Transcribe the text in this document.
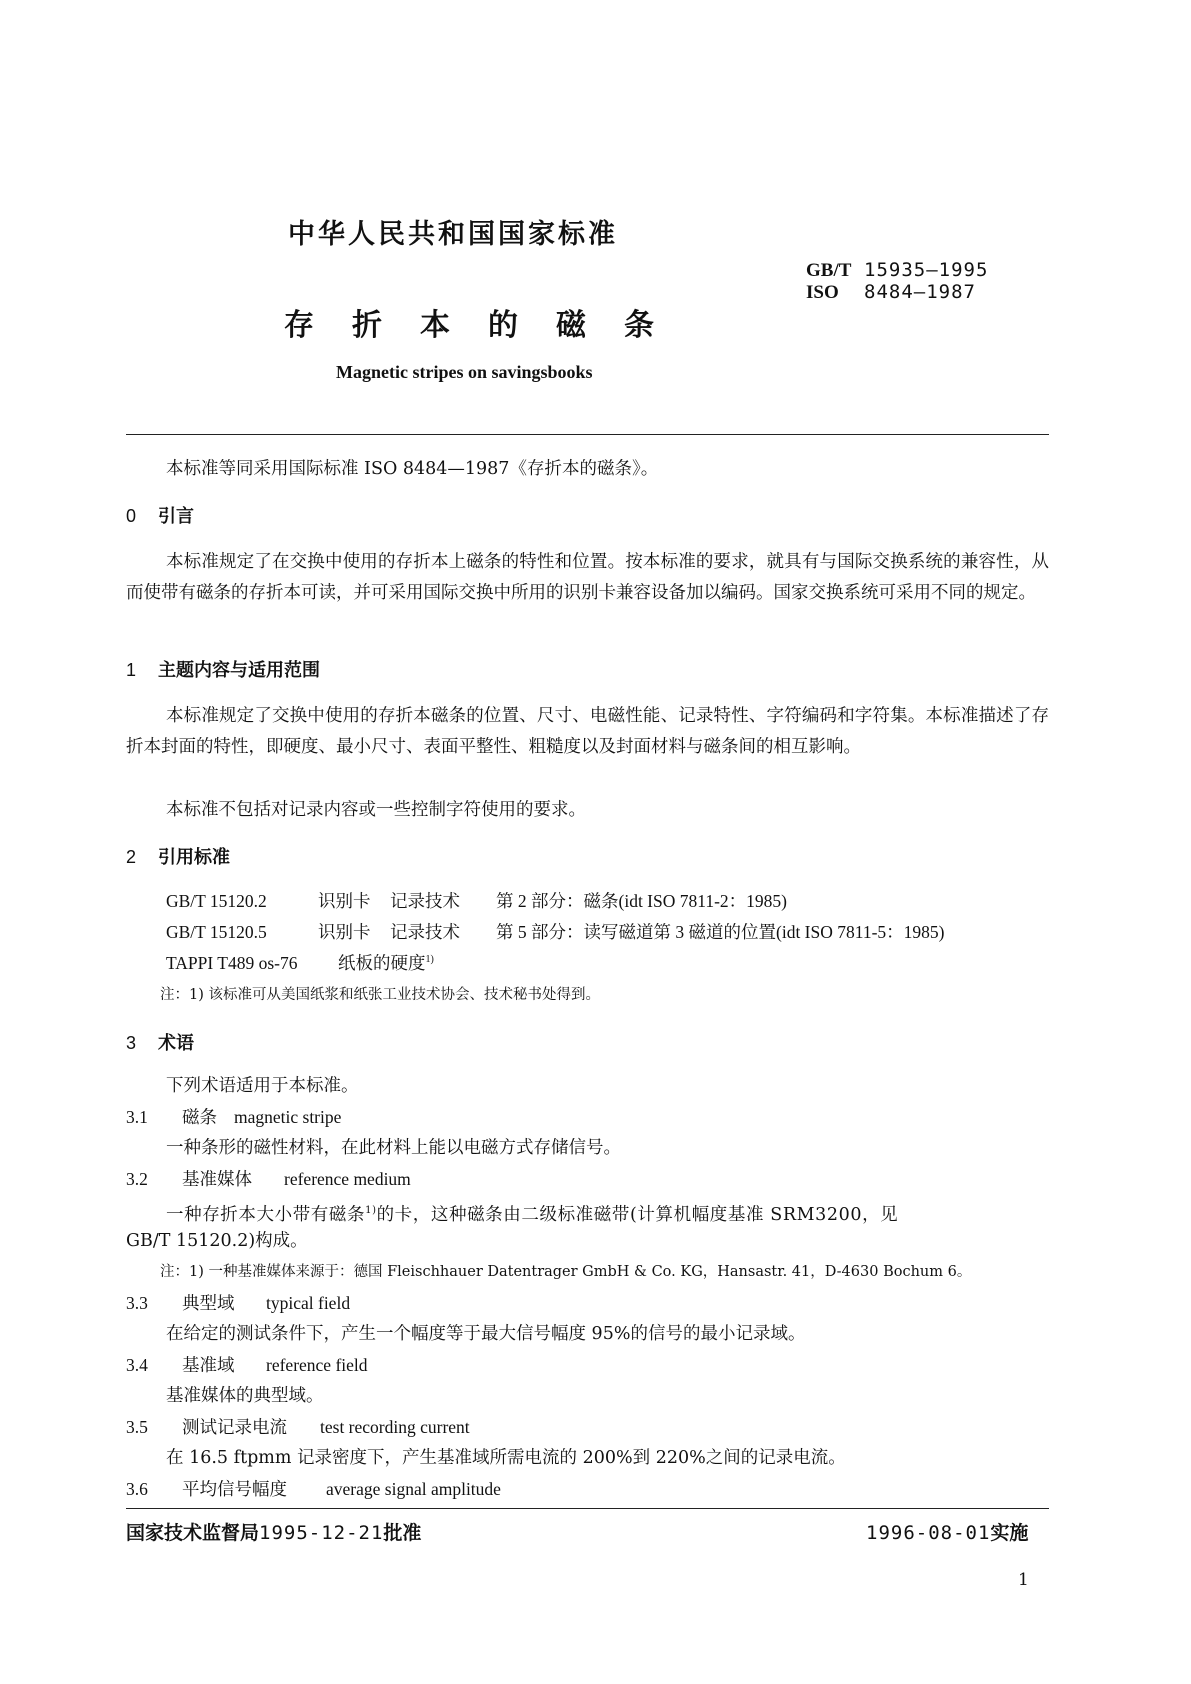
中华人民共和国国家标准
存折本的磁条
Magnetic stripes on savingsbooks
GB/T 15935—1995
ISO 8484—1987
本标准等同采用国际标准 ISO 8484—1987《存折本的磁条》。
0 引言
本标准规定了在交换中使用的存折本上磁条的特性和位置。按本标准的要求，就具有与国际交换系统的兼容性，从而使带有磁条的存折本可读，并可采用国际交换中所用的识别卡兼容设备加以编码。国家交换系统可采用不同的规定。
1 主题内容与适用范围
本标准规定了交换中使用的存折本磁条的位置、尺寸、电磁性能、记录特性、字符编码和字符集。本标准描述了存折本封面的特性，即硬度、最小尺寸、表面平整性、粗糙度以及封面材料与磁条间的相互影响。
本标准不包括对记录内容或一些控制字符使用的要求。
2 引用标准
GB/T 15120.2	识别卡 记录技术 第 2 部分：磁条(idt ISO 7811-2：1985)
GB/T 15120.5	识别卡 记录技术 第 5 部分：读写磁道第 3 磁道的位置(idt ISO 7811-5：1985)
TAPPI T489 os-76 纸板的硬度$^{1)}$
注：1) 该标准可从美国纸浆和纸张工业技术协会、技术秘书处得到。
3 术语
下列术语适用于本标准。
3.1 磁条 magnetic stripe
一种条形的磁性材料，在此材料上能以电磁方式存储信号。
3.2 基准媒体 reference medium
一种存折本大小带有磁条$^{1)}$的卡，这种磁条由二级标准磁带(计算机幅度基准 SRM3200，见
GB/T 15120.2)构成。
注：1) 一种基准媒体来源于：德国 Fleischhauer Datentrager GmbH & Co. KG，Hansastr. 41，D-4630 Bochum 6。
3.3 典型域 typical field
在给定的测试条件下，产生一个幅度等于最大信号幅度 95%的信号的最小记录域。
3.4 基准域 reference field
基准媒体的典型域。
3.5 测试记录电流 test recording current
在 16.5 ftpmm 记录密度下，产生基准域所需电流的 200%到 220%之间的记录电流。
3.6 平均信号幅度 average signal amplitude
国家技术监督局1995-12-21批准	1996-08-01实施
1
